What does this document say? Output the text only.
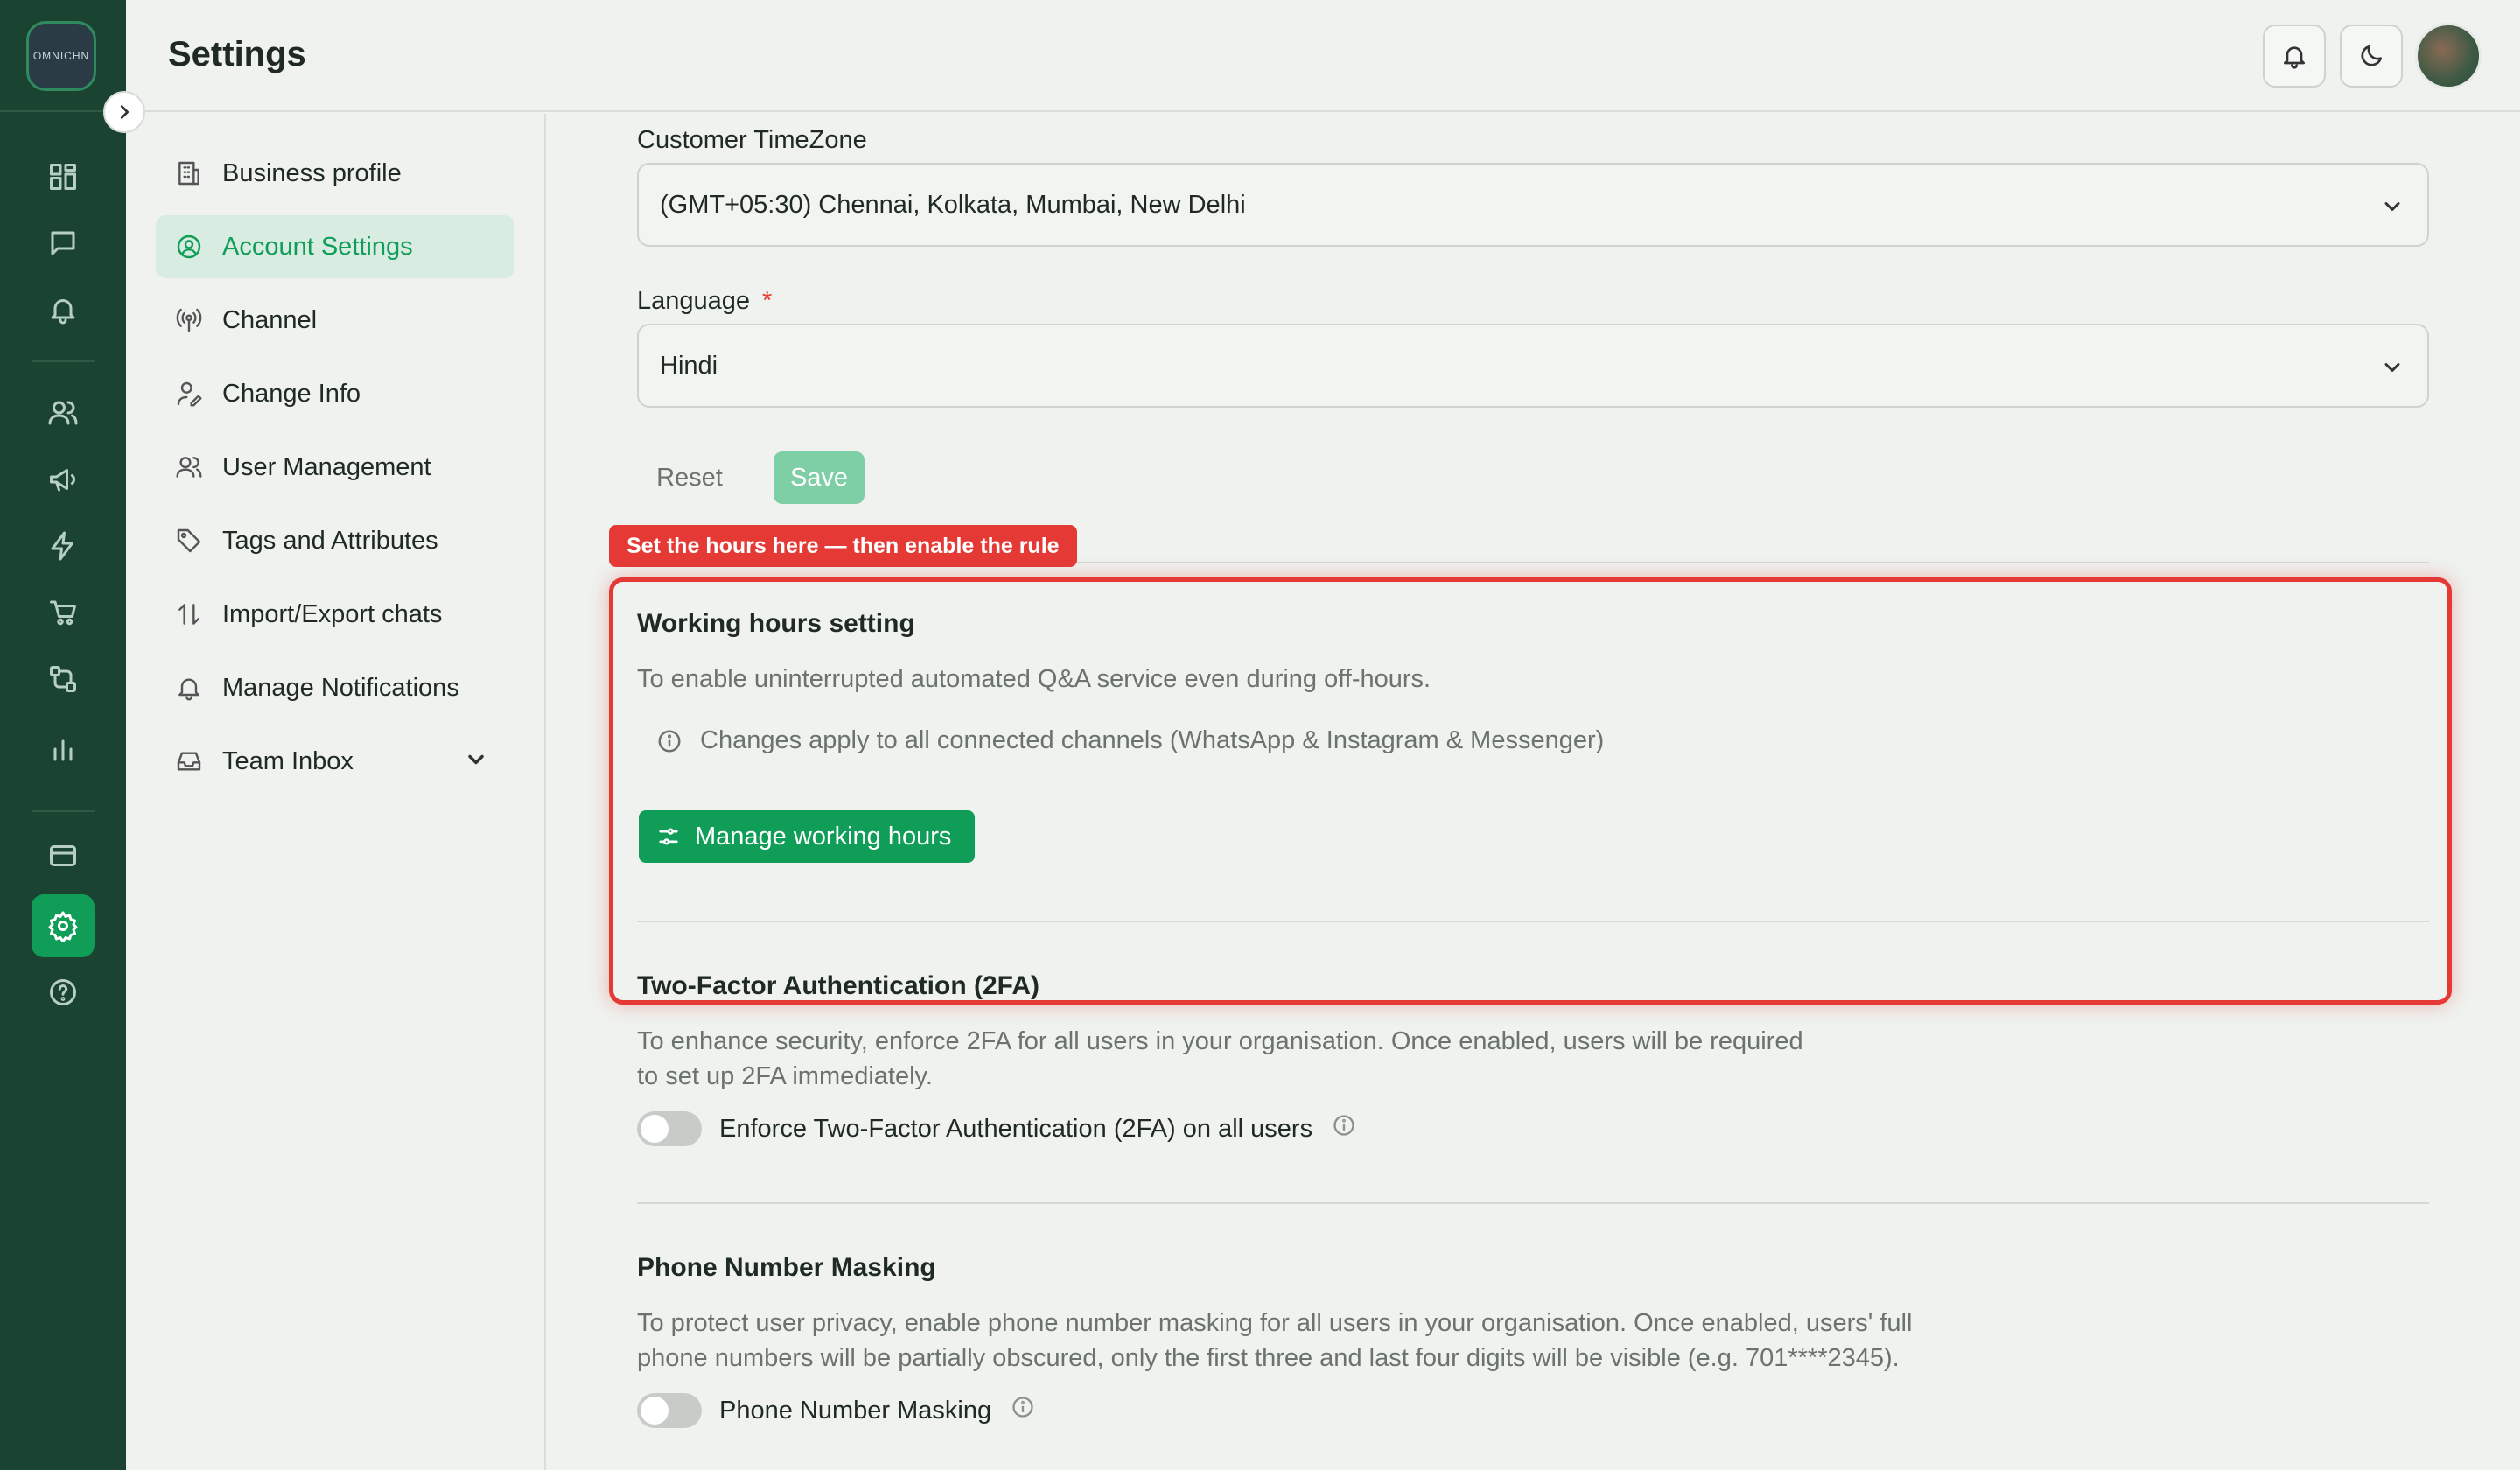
OMNICHN Settings
Business profile
Account Settings
Channel
Change Info
User Management
Tags and Attributes
Import/Export chats
Manage Notifications
Team Inbox
Customer TimeZone
(GMT+05:30) Chennai, Kolkata, Mumbai, New Delhi
Language *
Hindi
Reset	Save
Set the hours here — then enable the rule
Working hours setting
To enable uninterrupted automated Q&A service even during off-hours.
Changes apply to all connected channels (WhatsApp & Instagram & Messenger)
Manage working hours
Two-Factor Authentication (2FA)
To enhance security, enforce 2FA for all users in your organisation. Once enabled, users will be required
to set up 2FA immediately.
Enforce Two-Factor Authentication (2FA) on all users
Phone Number Masking
To protect user privacy, enable phone number masking for all users in your organisation. Once enabled, users' full
phone numbers will be partially obscured, only the first three and last four digits will be visible (e.g. 701****2345).
Phone Number Masking
